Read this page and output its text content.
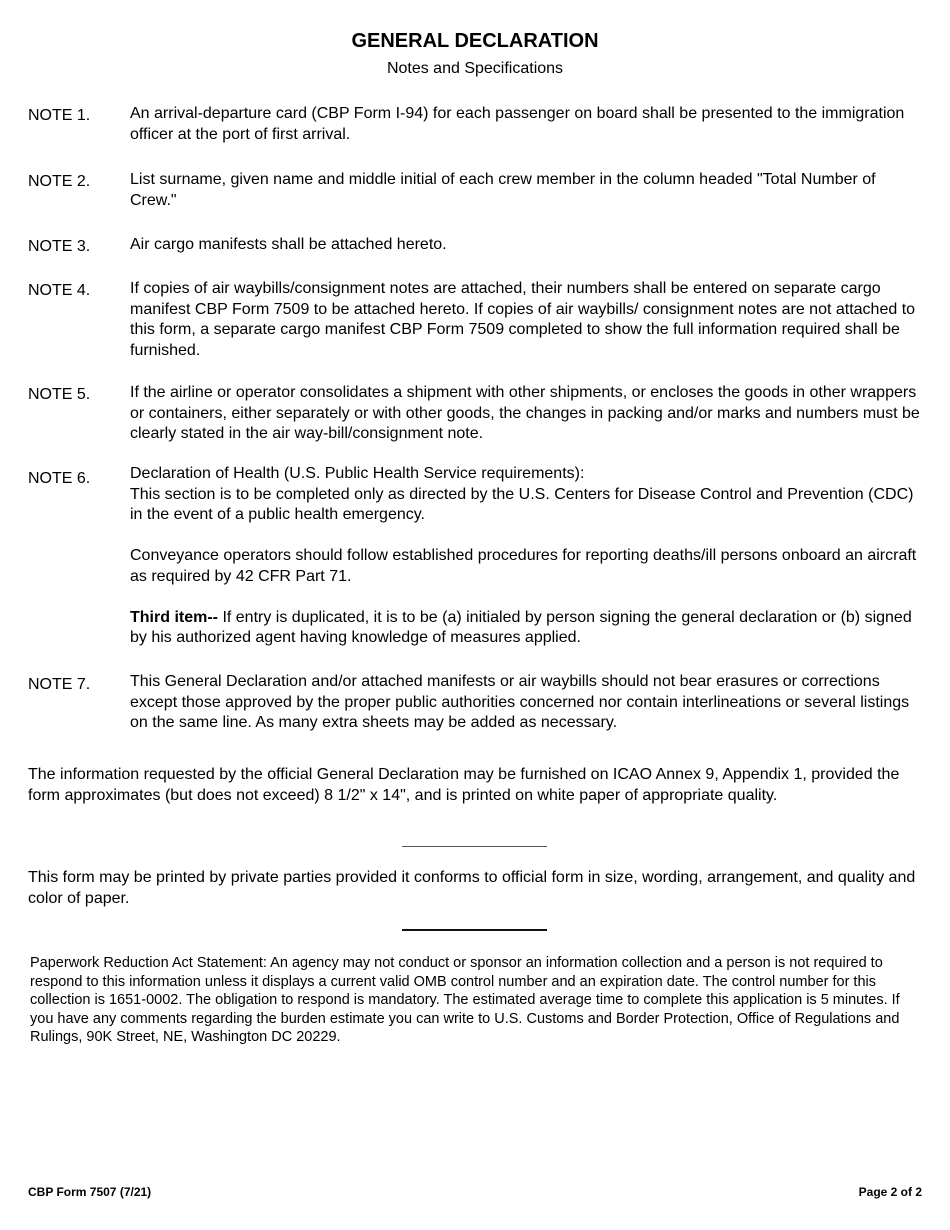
GENERAL DECLARATION
Notes and Specifications
NOTE 1.	An arrival-departure card (CBP Form I-94) for each passenger on board shall be presented to the immigration officer at the port of first arrival.

NOTE 2.	List surname, given name and middle initial of each crew member in the column headed "Total Number of Crew."

NOTE 3.	Air cargo manifests shall be attached hereto.

NOTE 4.	If copies of air waybills/consignment notes are attached, their numbers shall be entered on separate cargo manifest CBP Form 7509 to be attached hereto. If copies of air waybills/ consignment notes are not attached to this form, a separate cargo manifest CBP Form 7509 completed to show the full information required shall be furnished.

NOTE 5.	If the airline or operator consolidates a shipment with other shipments, or encloses the goods in other wrappers or containers, either separately or with other goods, the changes in packing and/or marks and numbers must be clearly stated in the air way-bill/consignment note.

NOTE 6.	Declaration of Health (U.S. Public Health Service requirements):

This section is to be completed only as directed by the U.S. Centers for Disease Control and Prevention (CDC) in the event of a public health emergency.

Conveyance operators should follow established procedures for reporting deaths/ill persons onboard an aircraft as required by 42 CFR Part 71.

Third item-- If entry is duplicated, it is to be (a) initialed by person signing the general declaration or (b) signed by his authorized agent having knowledge of measures applied.

NOTE 7.	This General Declaration and/or attached manifests or air waybills should not bear erasures or corrections except those approved by the proper public authorities concerned nor contain interlineations or several listings on the same line. As many extra sheets may be added as necessary.

The information requested by the official General Declaration may be furnished on ICAO Annex 9, Appendix 1, provided the form approximates (but does not exceed) 8 1/2" x 14", and is printed on white paper of appropriate quality.
This form may be printed by private parties provided it conforms to official form in size, wording, arrangement, and quality and color of paper.
Paperwork Reduction Act Statement: An agency may not conduct or sponsor an information collection and a person is not required to respond to this information unless it displays a current valid OMB control number and an expiration date. The control number for this collection is 1651-0002. The obligation to respond is mandatory. The estimated average time to complete this application is 5 minutes. If you have any comments regarding the burden estimate you can write to U.S. Customs and Border Protection, Office of Regulations and Rulings, 90K Street, NE, Washington DC 20229.
CBP Form 7507 (7/21)	Page 2 of 2
